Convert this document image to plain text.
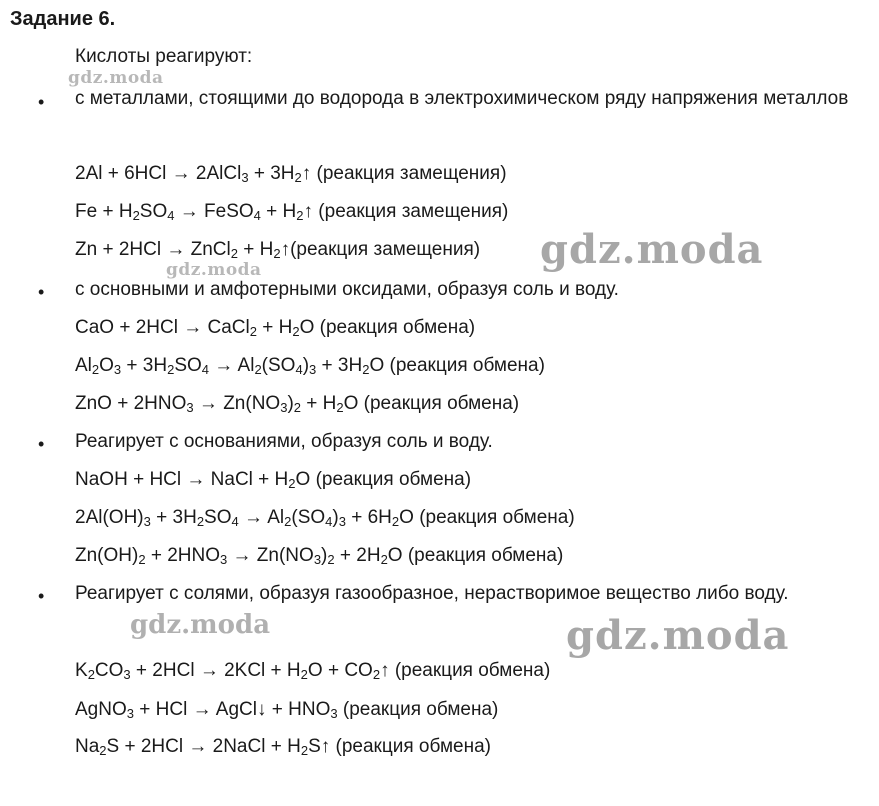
Задание 6.
Кислоты реагируют:
• с металлами, стоящими до водорода в электрохимическом ряду напряжения металлов
2Al + 6HCl → 2AlCl$_3$ + $3H_2↑$ (реакция замещения)
$Fe + H_2SO_4$ → FeSO$_4$ + $H_2↑$ (реакция замещения)
Zn + 2HCl → ZnCl$_2$ + $H_2↑(реакция$ замещения)
• с основными и амфотерными оксидами, образуя соль и воду.
CaO + 2HCl → CaCl$_2$ + $H_2O$ (реакция обмена)
$Al_2O_3 + 3H_2SO_4 \to Al_2(SO_4)_3 + 3H_2O$ (реакция обмена)
ZnO + $2HNO_3 \to Zn(NO_3)_2 + H_2O$ (реакция обмена)
• Реагирует с основаниями, образуя соль и воду.
NaOH + HCl → NaCl + $H_2O$ (реакция обмена)
$2Al(OH)_3 + 3H_2SO_4 \to Al_2(SO_4)_3 + 6H_2O$ (реакция обмена)
$Zn(OH)_2 + 2HNO_3 \to Zn(NO_3)_2 + 2H_2O$ (реакция обмена)
• Реагирует с солями, образуя газообразное, нерастворимое вещество либо воду.
$K_2CO_3 + 2HCl \to 2KCl + H_2O$ + $CO_2↑$ (реакция обмена)
AgNO$_3$ + HCl → AgCl↓ + $HNO_3$ (реакция обмена)
$Na_2S + 2HCl$ → 2NaCl + $H_2S↑$ (реакция обмена)
gdz.moda
gdz.moda
gdz.moda
gdz.moda	gdz.moda
